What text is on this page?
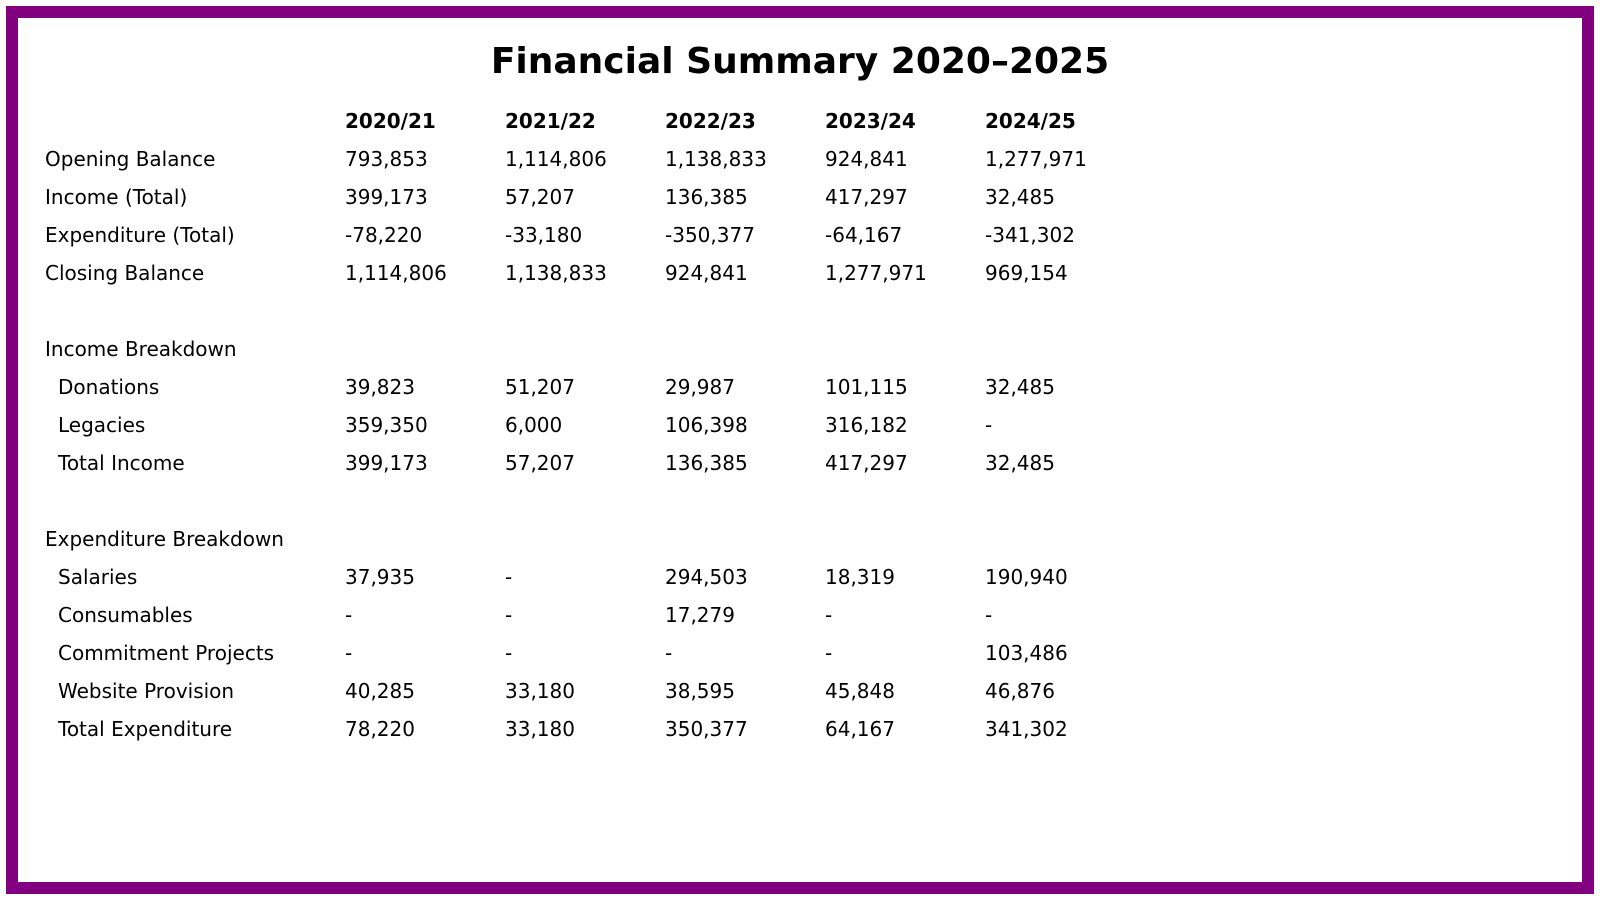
Financial Summary 2020–2025
2020/21	2021/22	2022/23	2023/24	2024/25
Opening Balance	793,853	1,114,806	1,138,833	924,841	1,277,971
Income (Total)	399,173	57,207	136,385	417,297	32,485
Expenditure (Total)	-78,220	-33,180	-350,377	-64,167	-341,302
Closing Balance	1,114,806	1,138,833	924,841	1,277,971	969,154
Income Breakdown
Donations	39,823	51,207	29,987	101,115	32,485
Legacies	359,350	6,000	106,398	316,182	-
Total Income	399,173	57,207	136,385	417,297	32,485
Expenditure Breakdown
Salaries	37,935	-	294,503	18,319	190,940
Consumables	-	-	17,279	-	-
Commitment Projects	-	-	-	-	103,486
Website Provision	40,285	33,180	38,595	45,848	46,876
Total Expenditure	78,220	33,180	350,377	64,167	341,302
